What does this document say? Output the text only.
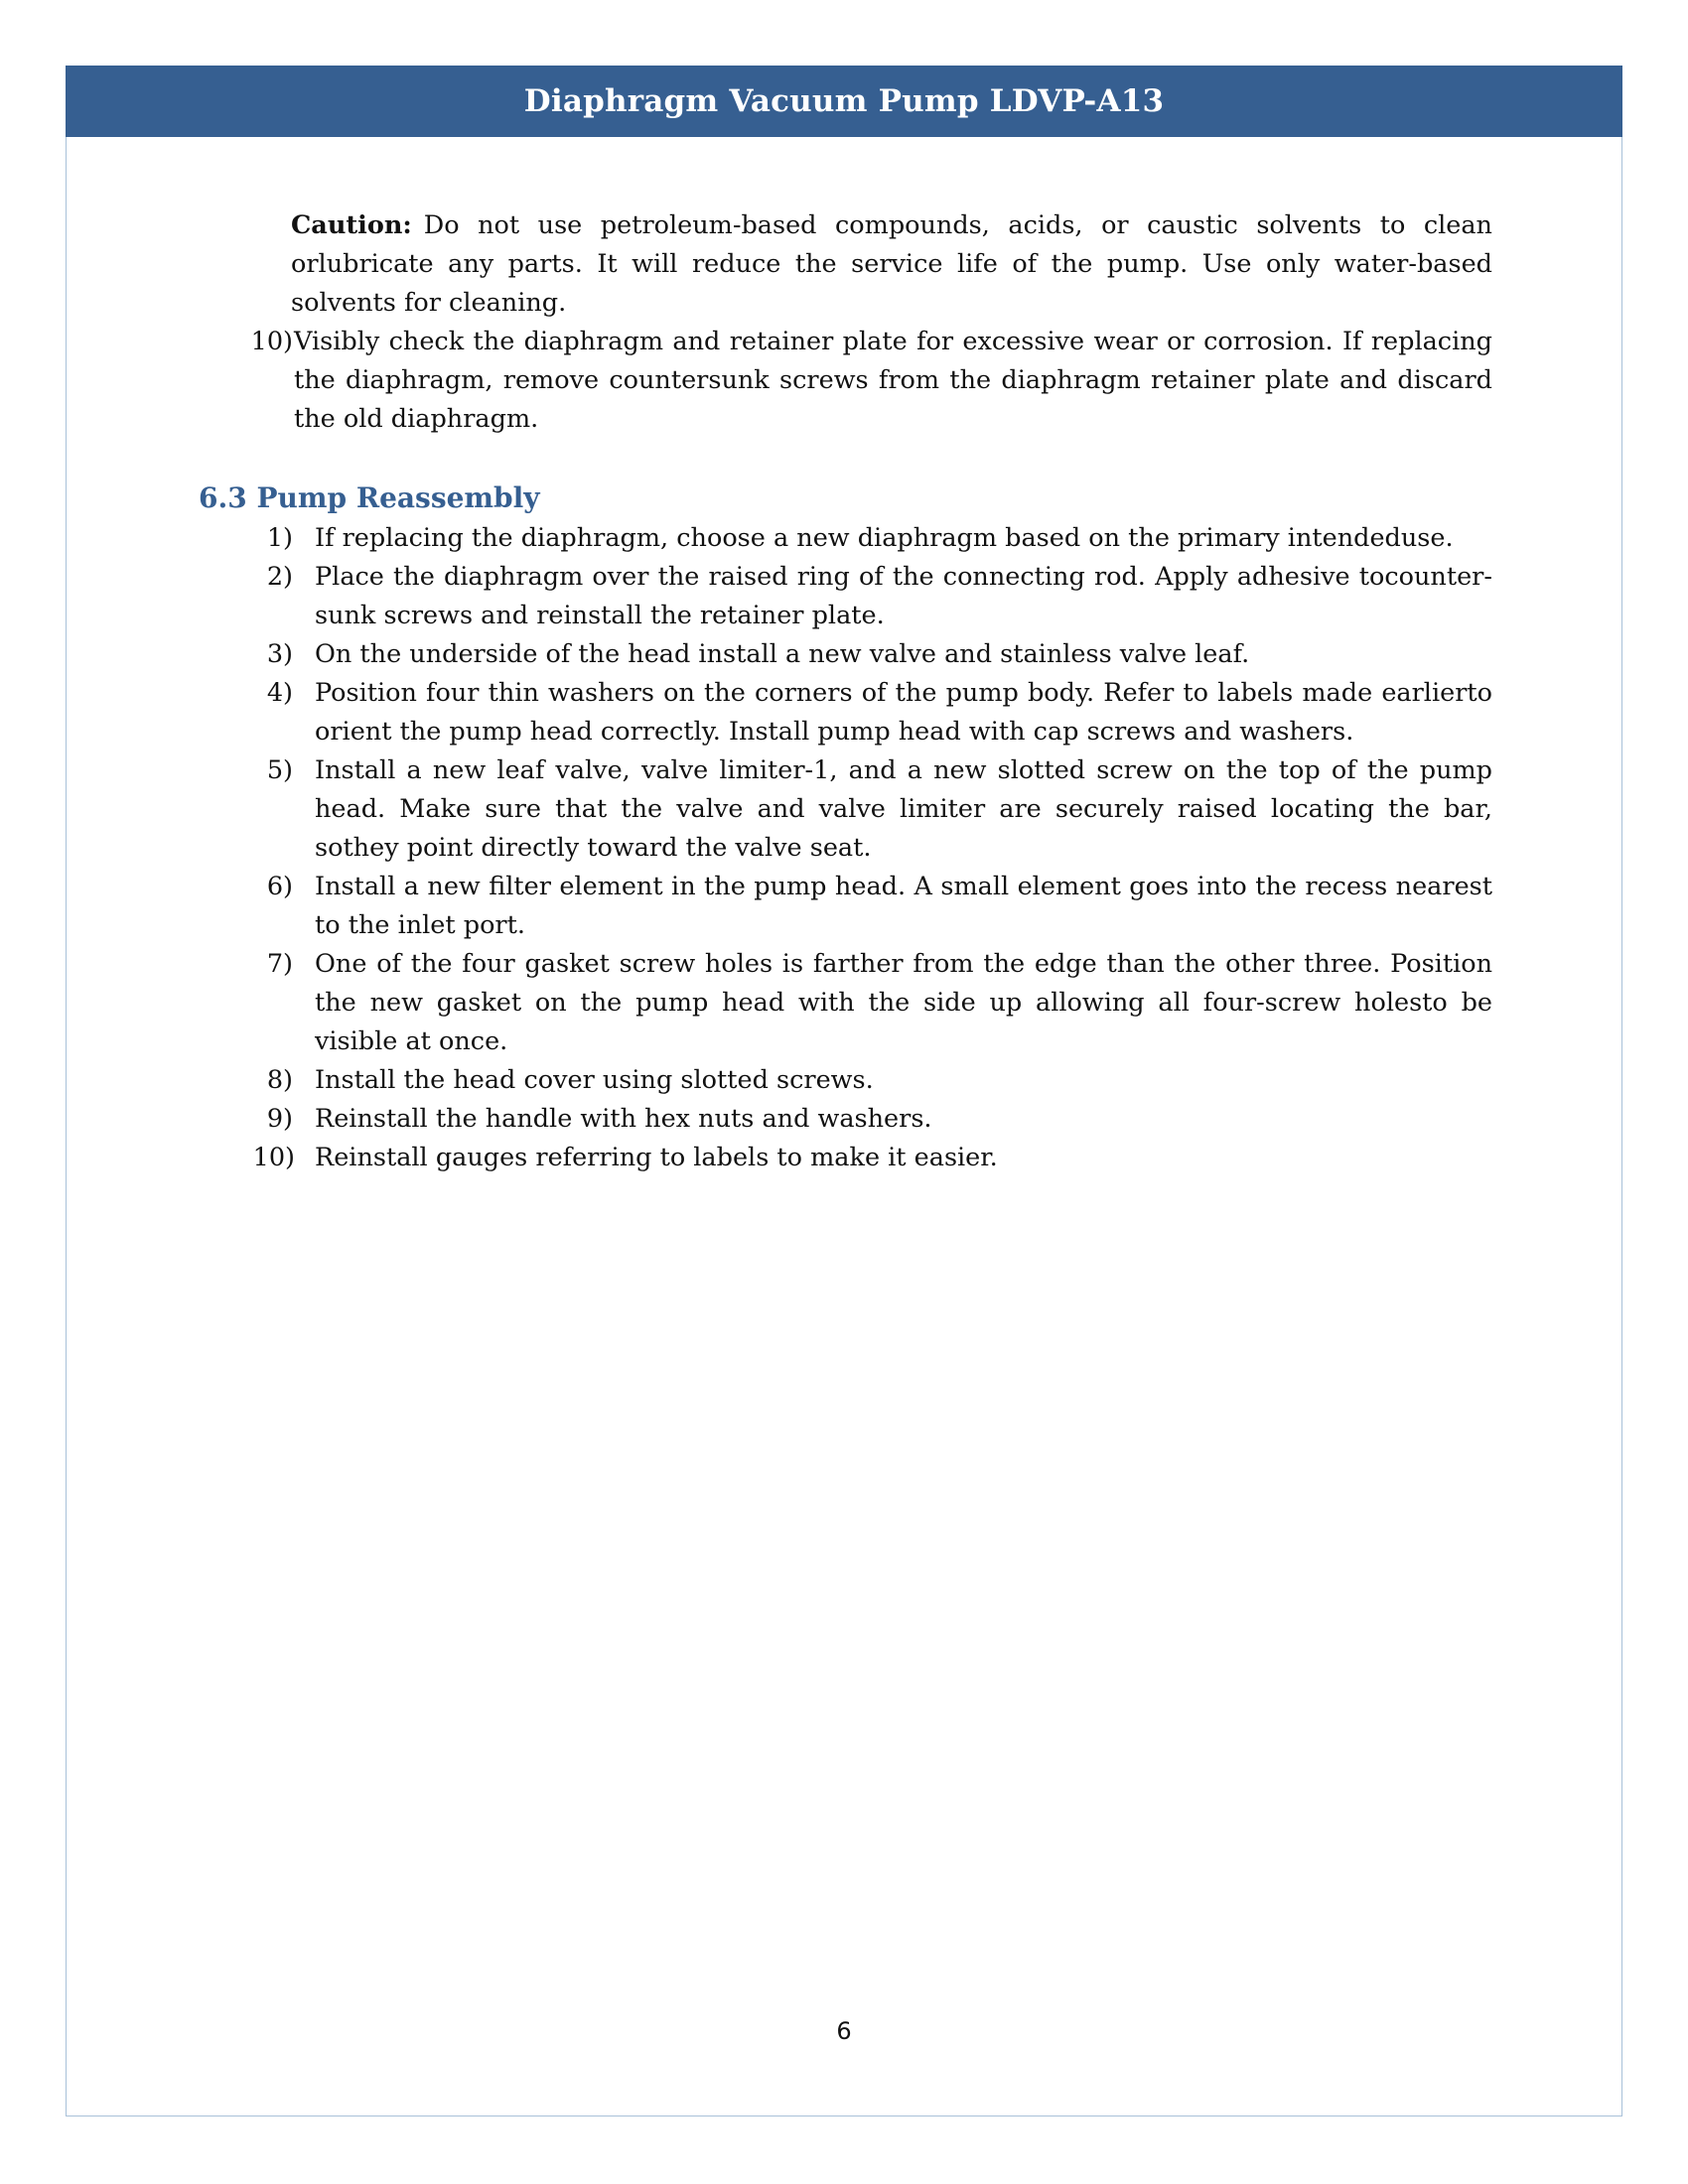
Diaphragm Vacuum Pump LDVP-A13
Caution: Do not use petroleum-based compounds, acids, or caustic solvents to clean orlubricate any parts. It will reduce the service life of the pump. Use only water-based solvents for cleaning.
10) Visibly check the diaphragm and retainer plate for excessive wear or corrosion. If replacing the diaphragm, remove countersunk screws from the diaphragm retainer plate and discard the old diaphragm.
6.3 Pump Reassembly
1) If replacing the diaphragm, choose a new diaphragm based on the primary intendeduse.
2) Place the diaphragm over the raised ring of the connecting rod. Apply adhesive tocounter-sunk screws and reinstall the retainer plate.
3) On the underside of the head install a new valve and stainless valve leaf.
4) Position four thin washers on the corners of the pump body. Refer to labels made earlierto orient the pump head correctly. Install pump head with cap screws and washers.
5) Install a new leaf valve, valve limiter-1, and a new slotted screw on the top of the pump head. Make sure that the valve and valve limiter are securely raised locating the bar, sothey point directly toward the valve seat.
6) Install a new filter element in the pump head. A small element goes into the recess nearest to the inlet port.
7) One of the four gasket screw holes is farther from the edge than the other three. Position the new gasket on the pump head with the side up allowing all four-screw holesto be visible at once.
8) Install the head cover using slotted screws.
9) Reinstall the handle with hex nuts and washers.
10) Reinstall gauges referring to labels to make it easier.
6
